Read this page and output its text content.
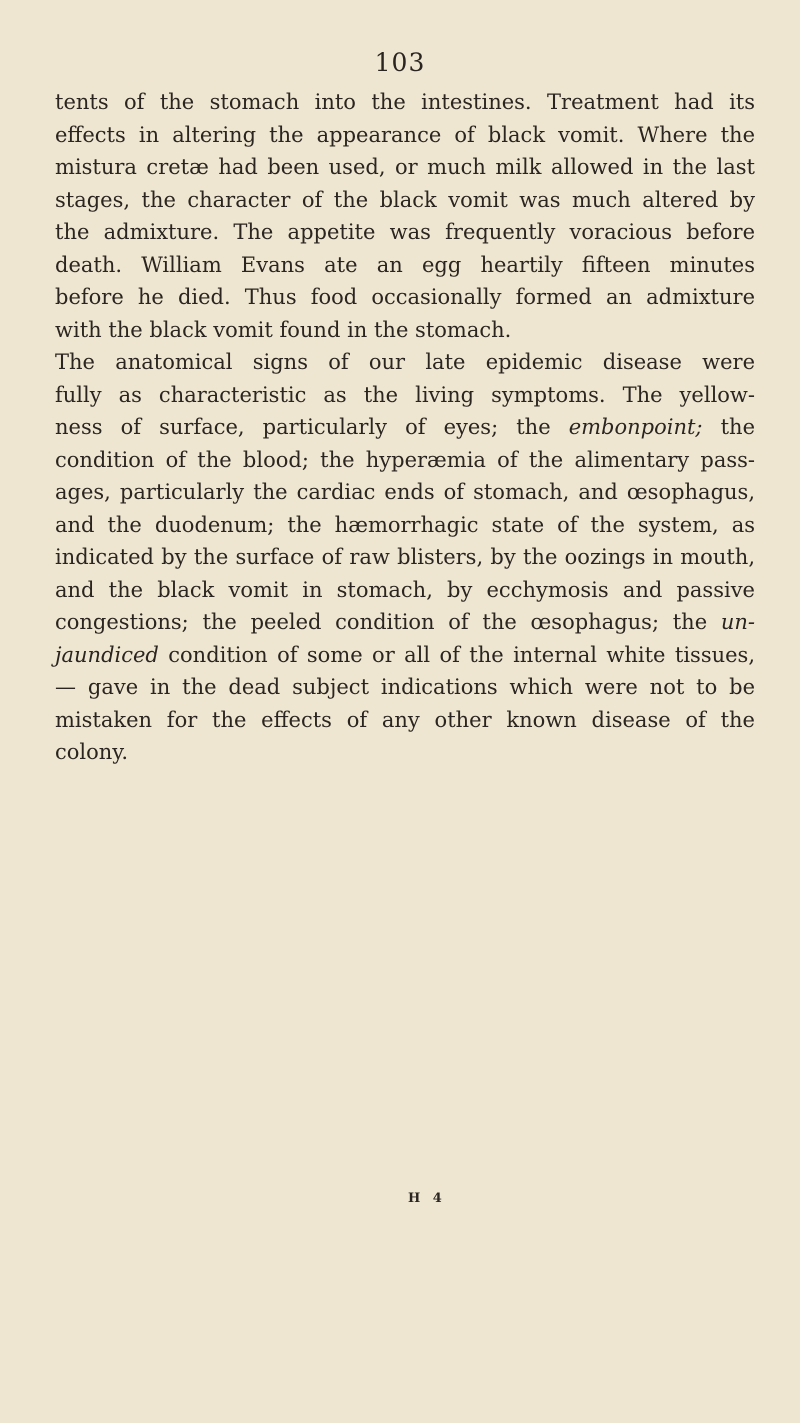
103
tents of the stomach into the intestines. Treatment had its
effects in altering the appearance of black vomit. Where the
mistura cretæ had been used, or much milk allowed in the last
stages, the character of the black vomit was much altered by
the admixture. The appetite was frequently voracious before
death. William Evans ate an egg heartily fifteen minutes
before he died. Thus food occasionally formed an admixture
with the black vomit found in the stomach.
The anatomical signs of our late epidemic disease were
fully as characteristic as the living symptoms. The yellow-
ness of surface, particularly of eyes; the embonpoint; the
condition of the blood; the hyperæmia of the alimentary pass-
ages, particularly the cardiac ends of stomach, and œsophagus,
and the duodenum; the hæmorrhagic state of the system, as
indicated by the surface of raw blisters, by the oozings in mouth,
and the black vomit in stomach, by ecchymosis and passive
congestions; the peeled condition of the œsophagus; the un-
jaundiced condition of some or all of the internal white tissues,
— gave in the dead subject indications which were not to be
mistaken for the effects of any other known disease of the
colony.
H 4
